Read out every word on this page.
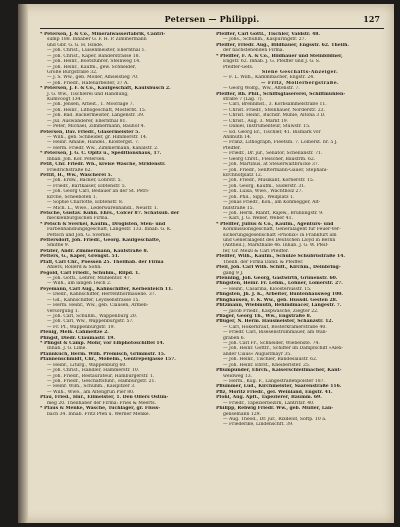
Petersen — Philippi.	127
* Petersen, J. & Co., Mineralwasserfabrik, Cantri-
sump 188. Inhaber G. F. H. P. Zimmermann
und Gbr. G. G. H. Hinde.
— Joh. Christ., Luisenmeister, Ellernthal 1.
— Joh. Christ., Käper, Bänderstrasse 18.
— Joh. Heinr., Bootsführer, Steinweg 14.
— Joh. Heinr., Kaufm., gew. Schneider,
Große Burgstraße 32.
— J. S. Ww., geb. Möller, Amselstieg 70.
— Joh. Friedr., Hafenarbeiter, 37 A.
* Petersen, J. F. & Co., Kaufgeschäft, Kaufsbusch 2.
J. G. Ww., Tischlerei und Handlung,
Kumvoogt 134.
— Joh. Jensen, Arbeit., 1. Moorlage 7.
— Joh. Heinr., Lithogeschäft, Mosterbt. 15.
— Joh. Bad. Bäckermeister, Langenstr. 39.
— Jul. Auswanderer, Ellernthal 81.
— Peter, Michael, Zimmermann, Bauhof 4.
Petersen, Dav. Friedr., Glasermeister 5.
— Wilh., geb. Schneider, gr. Himmerstr. 14.
— Heinr. Amalie, Händel., Klöstergst. 7.
— Herm. Friedr. Ww., Zimmermann, Kanalstr. 2.
* Petersen, J. G. C. Opitz u., Speditionshaus, 17.
Inhab. Joh. Kör. Petersen.
Petit, Chr. Friedr. Wh., kreise Wäsche, Stridenstr.
Friedrichstraße 62.
Pettit, H., Ww., Wäscherei 5.
— Joh. Erdw., Bäcker, Lohrstr. 5.
— Friedr., Bartkaiser, Elbtenstr. 5.
— Joh. Georg Carl, Bedauer an der St. Petri-
kirche, Scheebofen 1.
— Sophie Charlotte, Elbtenstr. 8.
— Mich. L., Wwe., Lederwarenhandl., Neustr. 1.
Petsche, Gustav. Kuhn. Ehrs., Colcer 87. Schatsub. der
mecklenburgischen Firma.
* Petsch & Sverkel, Kaufm., Drogisten, Sten- und
Farbenhandlungsgeschäft, Langestr. 133. Inhab. G. K.
Pettsch und Joh. G. Sverkel.
Pettersdorf, Joh. Friedr., Georg. Kaufgeschäfte,
Smithe 9.
Petzler, Andr. Zimmermann, Kaufstraße 8.
Petters, G., Käper, Grengst. 51.
Pfaff, Carl Chr., Poessen 25. Theilhab. der Firma
Ahlers, Rollerd & Sohn.
Pegold, Carl Friedr., Schuhm., Rilpd. 1.
— Joh. Gottl., Lehrer, Mühlentor. 47.
— Wilh., am langen Teich 2.
Peyemann, Carl Aug., Kahnschiffer, Kerbenteich 11.
— Diedr., Kahnschiffer, Herrenthormauelle. 37.
— Gd., Kahnschiffer, Leydsenstrasse 15.
— Herm. Heinr., Ww., geb. Clausen, Armen-
versorgung 1.
— Joh. Carl, Schuhm., Wappenburg 20.
— Joh. Carl, Ww., Wappenburgstr. 57.
— Fr. Pf., Wappenburgstr. 19.
Pfenig, Melk. Cahmeitze 2.
Pfingst, Diedr. Ciaumastr. 19.
* Pfingst & Camp. Mohr, vor Elbphotoschiffel 14.
Inhab. J. G. Lime.
Pfannkuch, Herm. Wilh. Premisch, Grimmstr. 15.
Pfannenschmidt, Chr., Möbelm., Gentrepelgasse 157.
— Heinr., Liturg., Wappenburg 60.
— Joh. Christ., Händler, Hammerstr. 10.
— Joh. Friedr., Restaurateur, Hamburgerstr. 1.
— Joh. Friedr., Geschäftsführ., Hamburgstr. 21.
— Heinr. Wilh., Schuhm., Kaispitzer 3.
— Wilh., Wwe., am Altengrun Pier 80.
Pfau, Fried., Hnr., Eilmeister, 1. Den Ollers Ostim-
meg 20. Theilhaber der Firma: Fries & Meerts.
* Pfaus & Menke, Wäsche, Tuchlager, gr. Fluss-
bach 34. Inhab. Fritz Pfen u. Werner Menke.
Pfeiffer, Carl Gottl., Tischler, Valdstr. 48.
— Johs., Schuhm., Kaspuringstr. 27.
Pfeiffer, Friedr. Aug., Bildhauer, Engsstr. 62. Theilh.
der nachstehenden Firma.
* Pfeiffer, F. A. & Co., Bildhauer und Steinbildner,
Engstr. 62. Inhab. J. G. Pfeiffer und J. G. S.
Pfeiffer-Gefs.
Siehe Geschäfts-Anzeiger.
— F. L. Wilh., Kammmacher, Engstr. 24.
— Fritz, Möllerbergstraße.
— Georg Wolfg., Ww., Altenstr. 7.
Pfeiffer, Rh. Phil., Schiffsgläsererei, Schiffmühlen-
straße 7 (Lag. 7).
— Carl, Brennmst., 3. Korbsammelstraße 11.
— Christ. Friedr., Steinhauer, Norderstr. 23.
— Christ. Heinr., Buchdr. Mühle, Altona 3 D.
— Christ., Aug. 3. Markt 19.
— Daniel, Instrumenteur, Stuwstr. 15.
— Ed. Georg Er., Tischler, 41. Bismark vor
Ahlmuth 14.
— Franz, Lithograph, Fleetsm. 7. Lomerst. nr. 5 J.
Pfeiffer.
— Friedr., Dr. jur., Senator, Schellanstr. 71.
— Georg Chrst., Fleischer, Baustrm. 62.
— Joh. Martinus, at Steuerwaltbrücke 37.
— Joh. Friedr., Senftermann-Gauer, Stephani-
kirchhofplatz 12.
— Joh. Friedr., Musikant, Körnerstr. 15.
— Joh. Georg, Kaufm., Süderstr. 31.
— Joh. Luisa, Wwe., Wachtholz 27.
— Joh. Phil., Sipp., Weilplatz 1.
— Jonas Friedr., Kön., am Kohmegger, Alt-
hüfstraße 15.
— Joh. Herm. Rlanft, Rajew., Brühlingstr. 9.
— Karl, J. G. Weber, Weber 41.
* Pfeiffer, Julius & Co., Kaufm., Agenturs- und
Kommissionsgeschäft, Generalagent für Feuer-Ver-
sicherungsgesellschaft »Phönix« in Frankfurt am
und Generalagent des Deutschen Lloyd in Berlin
(Abtheil.), Markthalle 46. Inhab. J. G. W. Pfeif-
fer, Gr. Meizl & Carl Pfeiffer.
Pfeiffer, Wilh., Kaufm., Schulze Schubrüstraße 14.
Theilh. der Firma Dand. & Pfeiffer.
Pfeil, Joh. Carl Wilh. Schiff., Kirchm., Deinbring-
gang 9 J.
Pfenning, Joh. Georg, Gastwirth, Grünenstr. 60.
Pfingsten, Heinr. Fr. Lehm., Löhner, Lomerstr. 27.
— Heinr., Cäsarina, Kloosteriusstr. 15.
Pfingsten, Jh. J. K., Arbeiter, Buntenhausweg 100.
Pfinghausen, F. K. Ww., geb. Hussdl. Gesten 28.
Pfitzmann, Wiebmuth, Behindmacer, Langestr. 7.
— Jacob Friedr., Kaspwäsche, Ziegter 22.
Pfläger, Georg Th., Ww., Engstraße 8.
Pflüger, N. Herm. Hausmeister, Schanzstr. 12.
— Carl, Hökerkraut, Bosterkramerstraße 40.
— Friedr. Carl, Bisesenstrummauer, am Wall-
graben 6.
— Joh. Carl Fr., Schneider, Wiebenste. 74.
— Joh. Heinr. Gottfr., Schiffer im Dampfschiff »Alex-
ander Ciaus« Augustmayr 35.
— Joh. Heinr., Tischler, Bandeslaustr. 62.
— Joh. Heinr. Ehrst., Kneiberlster. 25.
Pflumpunder, Ehrch., Kaiserschleifmacher, Kant-
weidweg 13.
— Herm., Kug. F., Langestraßenpolster 187.
Pflummer, Lud., Kirchmeister, Saarenstraße 116.
Pflz, Moritz Friedr., gel. Weinland, Engstr. 41.
Pfohl, Aug. Apft., Tapezierer, Baumm. 69.
— Friedr., Tapezierbezirk, Lantritzr. 40.
Philipp, Rebwig Friedr. Ww., geb. Müller, Lan-
gensemann 129.
— Aug. Theod., Dr. jur., Rixdelof, Söftp. 10 a.
— Friederike, Lindenschft. 39.
